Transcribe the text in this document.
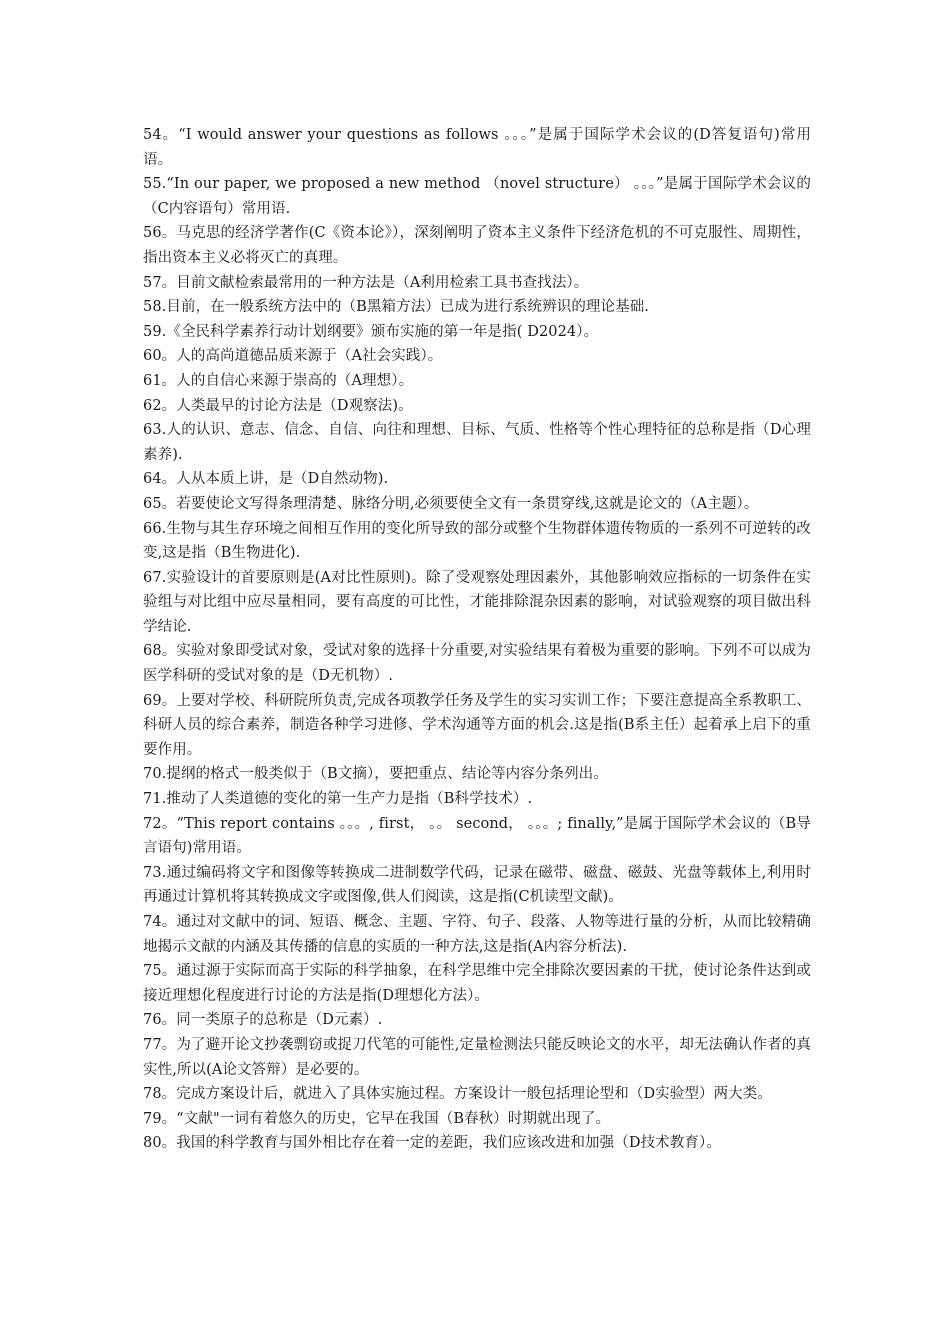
54。“I would answer your questions as follows 。。。”是属于国际学术会议的(D答复语句)常用语。

55.“In our paper, we proposed a new method （novel structure） 。。。”是属于国际学术会议的（C内容语句）常用语.

56。马克思的经济学著作(C《资本论》），深刻阐明了资本主义条件下经济危机的不可克服性、周期性，指出资本主义必将灭亡的真理。

57。目前文献检索最常用的一种方法是（A利用检索工具书查找法）。

58.目前，在一般系统方法中的（B黑箱方法）已成为进行系统辨识的理论基础.

59.《全民科学素养行动计划纲要》颁布实施的第一年是指( D2024）。

60。人的高尚道德品质来源于（A社会实践）。

61。人的自信心来源于崇高的（A理想）。

62。人类最早的讨论方法是（D观察法)。

63.人的认识、意志、信念、自信、向往和理想、目标、气质、性格等个性心理特征的总称是指（D心理素养).

64。人从本质上讲，是（D自然动物).

65。若要使论文写得条理清楚、脉络分明,必须要使全文有一条贯穿线,这就是论文的（A主题）。

66.生物与其生存环境之间相互作用的变化所导致的部分或整个生物群体遗传物质的一系列不可逆转的改变,这是指（B生物进化).

67.实验设计的首要原则是(A对比性原则)。除了受观察处理因素外，其他影响效应指标的一切条件在实验组与对比组中应尽量相同，要有高度的可比性，才能排除混杂因素的影响，对试验观察的项目做出科学结论.

68。实验对象即受试对象，受试对象的选择十分重要,对实验结果有着极为重要的影响。下列不可以成为医学科研的受试对象的是（D无机物）.

69。上要对学校、科研院所负责,完成各项教学任务及学生的实习实训工作；下要注意提高全系教职工、科研人员的综合素养，制造各种学习进修、学术沟通等方面的机会.这是指(B系主任）起着承上启下的重要作用。

70.提纲的格式一般类似于（B文摘），要把重点、结论等内容分条列出。

71.推动了人类道德的变化的第一生产力是指（B科学技术）.

72。“This report contains 。。。, first， 。。 second， 。。。; finally,”是属于国际学术会议的（B导言语句)常用语。

73.通过编码将文字和图像等转换成二进制数学代码，记录在磁带、磁盘、磁鼓、光盘等载体上,利用时再通过计算机将其转换成文字或图像,供人们阅读，这是指(C机读型文献)。

74。通过对文献中的词、短语、概念、主题、字符、句子、段落、人物等进行量的分析，从而比较精确地揭示文献的内涵及其传播的信息的实质的一种方法,这是指(A内容分析法).

75。通过源于实际而高于实际的科学抽象，在科学思维中完全排除次要因素的干扰，使讨论条件达到或接近理想化程度进行讨论的方法是指(D理想化方法）。

76。同一类原子的总称是（D元素）.

77。为了避开论文抄袭剽窃或捉刀代笔的可能性,定量检测法只能反映论文的水平，却无法确认作者的真实性,所以(A论文答辩）是必要的。

78。完成方案设计后，就进入了具体实施过程。方案设计一般包括理论型和（D实验型）两大类。

79。“文献"一词有着悠久的历史，它早在我国（B春秋）时期就出现了。

80。我国的科学教育与国外相比存在着一定的差距，我们应该改进和加强（D技术教育）。
